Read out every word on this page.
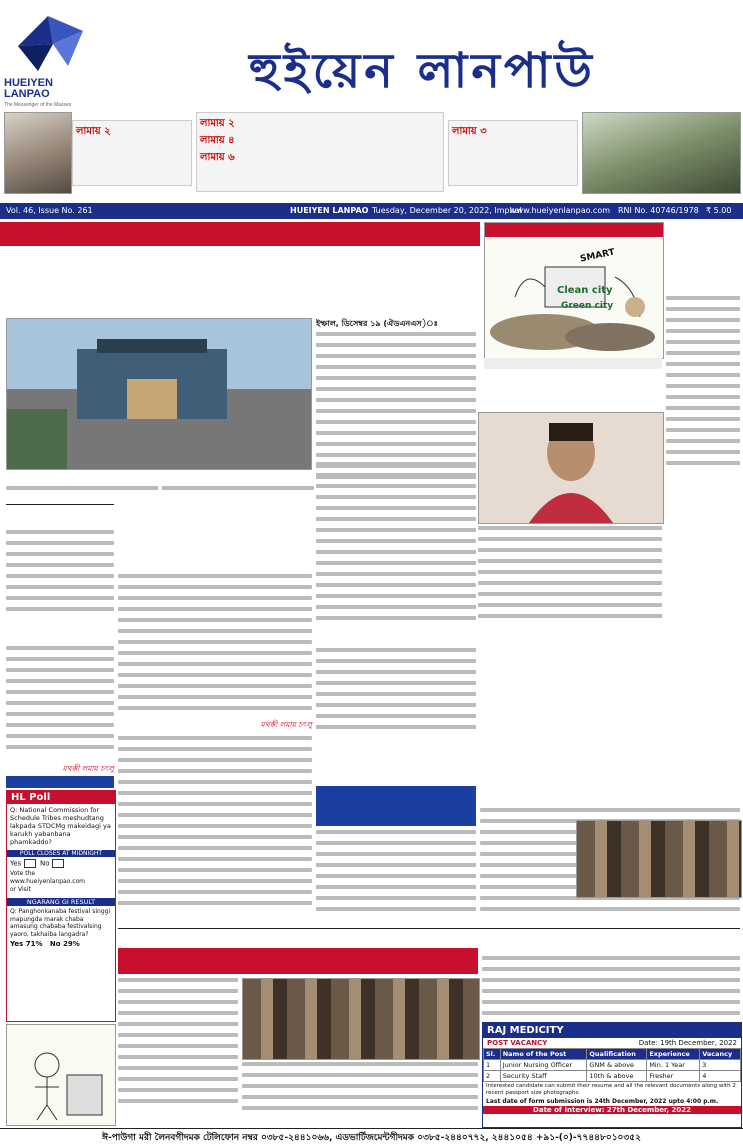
HUEIYEN
LANPAO
The Messenger of the Masses
হুইয়েন লানপাউ
লামায় ২
লামায় ২
লামায় ৪
লামায় ৬
লামায় ৩
Vol. 46, Issue No. 261	HUEIYEN LANPAO Tuesday, December 20, 2022, Imphal
www.hueiyenlanpao.com RNI No. 40746/1978 ₹ 5.00
SMART
Clean city
Green city
ইম্ফাল, ডিসেম্বর ১৯ (ঐডএনএস)ঃ
মথক্কী লমায় চৎলু
HL Poll
Q: National Commission for Schedule Tribes meshudtang lakpada STDCMg makeidagi ya karukh yabanbana phamkaddo?
POLL CLOSES AT MIDNIGHT
Yes	No
Vote the
www.hueiyenlanpao.com
or Visit
NGARANG GI RESULT
Q: Panghonkanaba festival singgi mapungda marak chaba amasung chababa festivalsing yaoro, takhaiba langadra?
Yes 71% No 29%
মথক্কী লমায় চৎলু
RAJ MEDICITY
POST VACANCY	Date: 19th December, 2022
Sl.	Name of the Post	Qualification	Experience	Vacancy
1	Junior Nursing Officer	GNM & above	Min. 1 Year	3
2	Security Staff	10th & above	Fresher	4
Interested candidate can submit their resume and all the relevant documents along with 2 recent passport size photographs.
Last date of form submission is 24th December, 2022 upto 4:00 p.m.
Date of Interview: 27th December, 2022
ঈ-পাউগা মরী লৈনবগীদমক টেলিফোন নম্বর ০৩৮৫-২৪৪১০৬৬, এডভার্টিজমেন্টগীদমক ০৩৮৫-২৪৪০৭৭২, ২৪৪১০৫৪ +৯১-(০)-৭৭৪৪৮০১০৩৫২
